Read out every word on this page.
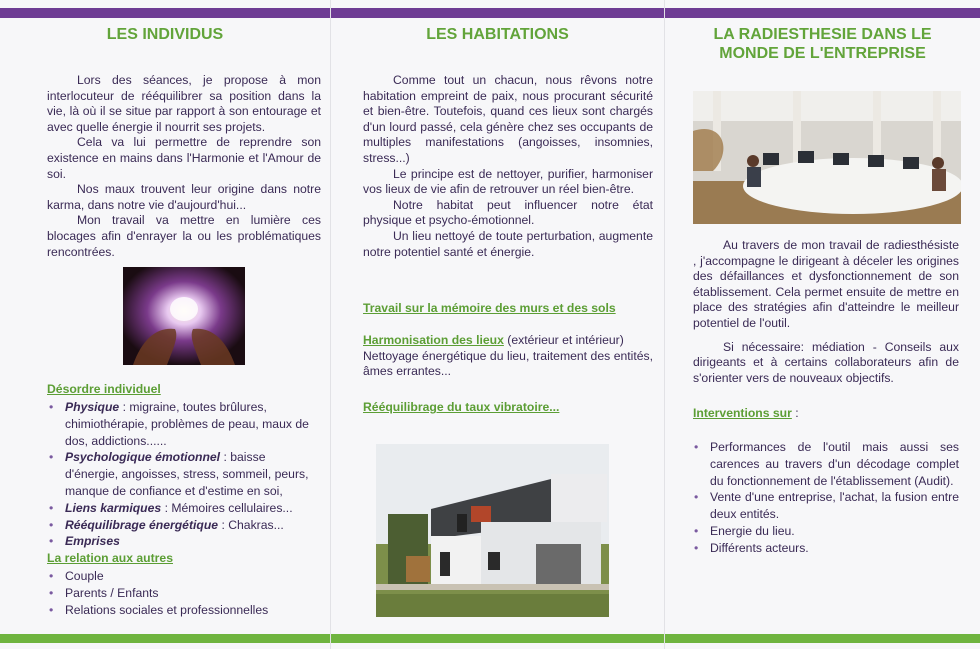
LES INDIVIDUS

Lors des séances, je propose à mon interlocuteur de rééquilibrer sa position dans la vie, là où il se situe par rapport à son entourage et avec quelle énergie il nourrit ses projets.

Cela va lui permettre de reprendre son existence en mains dans l'Harmonie et l'Amour de soi.

Nos maux trouvent leur origine dans notre karma, dans notre vie d'aujourd'hui...

Mon travail va mettre en lumière ces blocages afin d'enrayer la ou les problématiques rencontrées.

Désordre individuel
• Physique : migraine, toutes brûlures, chimiothérapie, problèmes de peau, maux de dos, addictions......
• Psychologique émotionnel : baisse d'énergie, angoisses, stress, sommeil, peurs, manque de confiance et d'estime en soi,
• Liens karmiques : Mémoires cellulaires...
• Rééquilibrage énergétique : Chakras...
• Emprises
La relation aux autres
• Couple
• Parents / Enfants
• Relations sociales et professionnelles
LES HABITATIONS

Comme tout un chacun, nous rêvons notre habitation empreint de paix, nous procurant sécurité et bien-être. Toutefois, quand ces lieux sont chargés d'un lourd passé, cela génère chez ses occupants de multiples manifestations (angoisses, insomnies, stress...)

Le principe est de nettoyer, purifier, harmoniser vos lieux de vie afin de retrouver un réel bien-être.

Notre habitat peut influencer notre état physique et psycho-émotionnel.

Un lieu nettoyé de toute perturbation, augmente notre potentiel santé et énergie.

Travail sur la mémoire des murs et des sols
Harmonisation des lieux (extérieur et intérieur)
Nettoyage énergétique du lieu, traitement des entités, âmes errantes...
Rééquilibrage du taux vibratoire...
LA RADIESTHESIE DANS LE
MONDE DE L'ENTREPRISE

Au travers de mon travail de radiesthésiste , j'accompagne le dirigeant à déceler les origines des défaillances et dysfonctionnement de son établissement. Cela permet ensuite de mettre en place des stratégies afin d'atteindre le meilleur potentiel de l'outil.

Si nécessaire: médiation - Conseils aux dirigeants et à certains collaborateurs afin de s'orienter vers de nouveaux objectifs.

Interventions sur :
• Performances de l'outil mais aussi ses carences au travers d'un décodage complet du fonctionnement de l'établissement (Audit).
• Vente d'une entreprise, l'achat, la fusion entre deux entités.
• Energie du lieu.
• Différents acteurs.
